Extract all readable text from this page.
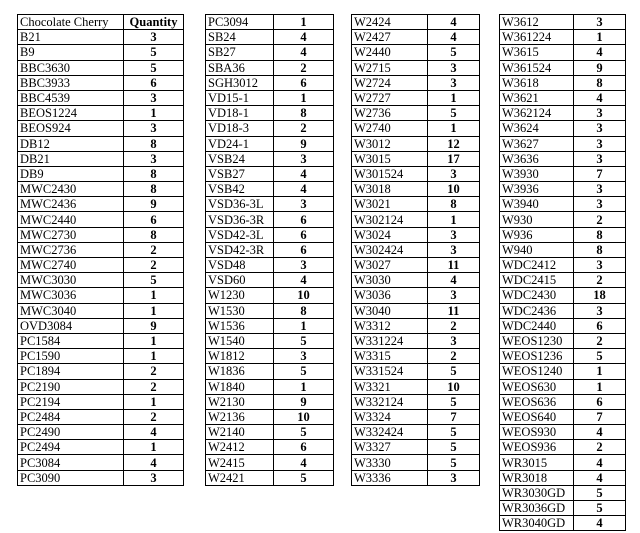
Chocolate Cherry	Quantity
B21	3
B9	5
BBC3630	5
BBC3933	6
BBC4539	3
BEOS1224	1
BEOS924	3
DB12	8
DB21	3
DB9	8
MWC2430	8
MWC2436	9
MWC2440	6
MWC2730	8
MWC2736	2
MWC2740	2
MWC3030	5
MWC3036	1
MWC3040	1
OVD3084	9
PC1584	1
PC1590	1
PC1894	2
PC2190	2
PC2194	1
PC2484	2
PC2490	4
PC2494	1
PC3084	4
PC3090	3
PC3094	1
SB24	4
SB27	4
SBA36	2
SGH3012	6
VD15-1	1
VD18-1	8
VD18-3	2
VD24-1	9
VSB24	3
VSB27	4
VSB42	4
VSD36-3L	3
VSD36-3R	6
VSD42-3L	6
VSD42-3R	6
VSD48	3
VSD60	4
W1230	10
W1530	8
W1536	1
W1540	5
W1812	3
W1836	5
W1840	1
W2130	9
W2136	10
W2140	5
W2412	6
W2415	4
W2421	5
W2424	4
W2427	4
W2440	5
W2715	3
W2724	3
W2727	1
W2736	5
W2740	1
W3012	12
W3015	17
W301524	3
W3018	10
W3021	8
W302124	1
W3024	3
W302424	3
W3027	11
W3030	4
W3036	3
W3040	11
W3312	2
W331224	3
W3315	2
W331524	5
W3321	10
W332124	5
W3324	7
W332424	5
W3327	5
W3330	5
W3336	3
W3612	3
W361224	1
W3615	4
W361524	9
W3618	8
W3621	4
W362124	3
W3624	3
W3627	3
W3636	3
W3930	7
W3936	3
W3940	3
W930	2
W936	8
W940	8
WDC2412	3
WDC2415	2
WDC2430	18
WDC2436	3
WDC2440	6
WEOS1230	2
WEOS1236	5
WEOS1240	1
WEOS630	1
WEOS636	6
WEOS640	7
WEOS930	4
WEOS936	2
WR3015	4
WR3018	4
WR3030GD	5
WR3036GD	5
WR3040GD	4
